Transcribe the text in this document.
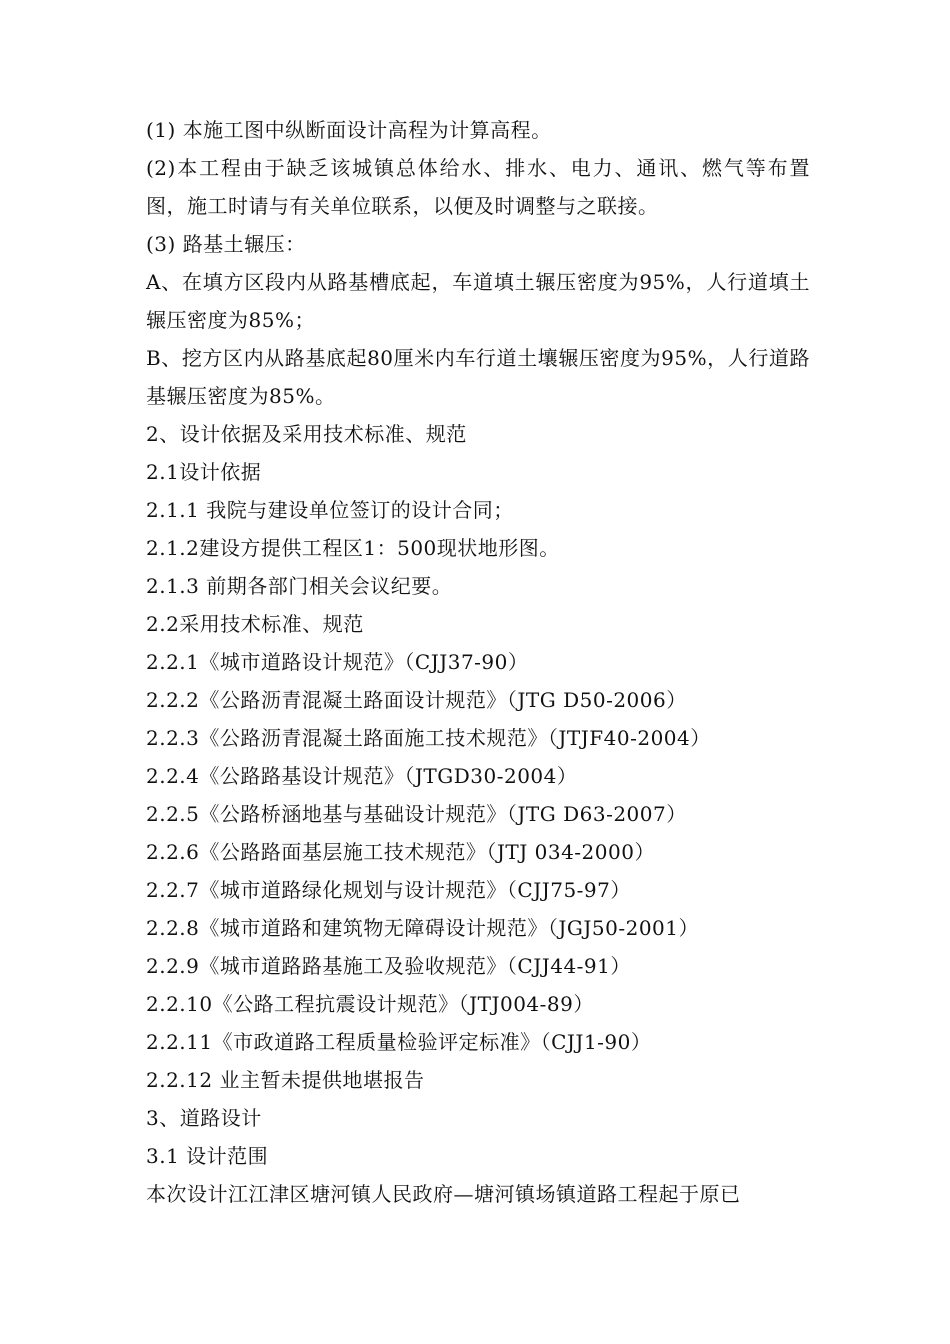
(1) 本施工图中纵断面设计高程为计算高程。

(2)本工程由于缺乏该城镇总体给水、排水、电力、通讯、燃气等布置图，施工时请与有关单位联系，以便及时调整与之联接。

(3) 路基土辗压：

A、在填方区段内从路基槽底起，车道填土辗压密度为95%，人行道填土辗压密度为85%；

B、挖方区内从路基底起80厘米内车行道土壤辗压密度为95%，人行道路基辗压密度为85%。

2、设计依据及采用技术标准、规范

2.1设计依据

2.1.1 我院与建设单位签订的设计合同；

2.1.2建设方提供工程区1：500现状地形图。

2.1.3 前期各部门相关会议纪要。

2.2采用技术标准、规范

2.2.1《城市道路设计规范》（CJJ37-90）

2.2.2《公路沥青混凝土路面设计规范》（JTG D50-2006）

2.2.3《公路沥青混凝土路面施工技术规范》（JTJF40-2004）

2.2.4《公路路基设计规范》（JTGD30-2004）

2.2.5《公路桥涵地基与基础设计规范》（JTG D63-2007）

2.2.6《公路路面基层施工技术规范》（JTJ 034-2000）

2.2.7《城市道路绿化规划与设计规范》（CJJ75-97）

2.2.8《城市道路和建筑物无障碍设计规范》（JGJ50-2001）

2.2.9《城市道路路基施工及验收规范》（CJJ44-91）

2.2.10《公路工程抗震设计规范》（JTJ004-89）

2.2.11《市政道路工程质量检验评定标准》（CJJ1-90）

2.2.12 业主暂未提供地堪报告

3、道路设计

3.1 设计范围

本次设计江江津区塘河镇人民政府—塘河镇场镇道路工程起于原已
